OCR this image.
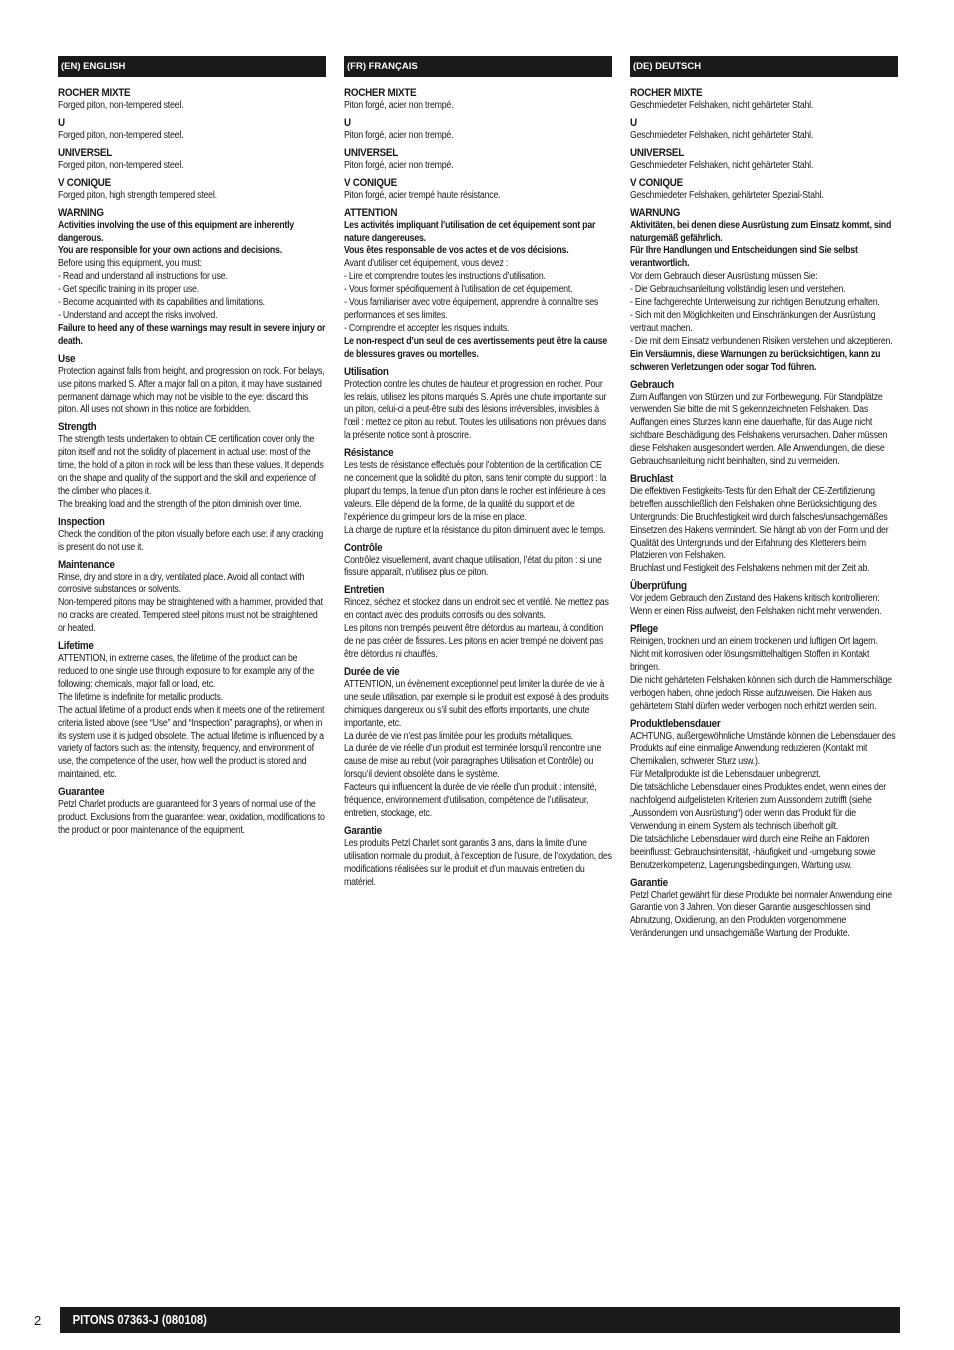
(EN) ENGLISH
ROCHER MIXTE

Forged piton, non-tempered steel.

U

Forged piton, non-tempered steel.

UNIVERSEL

Forged piton, non-tempered steel.

V CONIQUE

Forged piton, high strength tempered steel.

WARNING

Activities involving the use of this equipment are inherently dangerous.

You are responsible for your own actions and decisions.

Before using this equipment, you must:

- Read and understand all instructions for use.

- Get specific training in its proper use.

- Become acquainted with its capabilities and limitations.

- Understand and accept the risks involved.

Failure to heed any of these warnings may result in severe injury or death.

Use

Protection against falls from height, and progression on rock. For belays, use pitons marked S. After a major fall on a piton, it may have sustained permanent damage which may not be visible to the eye: discard this piton. All uses not shown in this notice are forbidden.

Strength

The strength tests undertaken to obtain CE certification cover only the piton itself and not the solidity of placement in actual use: most of the time, the hold of a piton in rock will be less than these values. It depends on the shape and quality of the support and the skill and experience of the climber who places it.

The breaking load and the strength of the piton diminish over time.

Inspection

Check the condition of the piton visually before each use: if any cracking is present do not use it.

Maintenance

Rinse, dry and store in a dry, ventilated place. Avoid all contact with corrosive substances or solvents.

Non-tempered pitons may be straightened with a hammer, provided that no cracks are created. Tempered steel pitons must not be straightened or heated.

Lifetime

ATTENTION, in extreme cases, the lifetime of the product can be reduced to one single use through exposure to for example any of the following: chemicals, major fall or load, etc.

The lifetime is indefinite for metallic products.

The actual lifetime of a product ends when it meets one of the retirement criteria listed above (see “Use” and “Inspection” paragraphs), or when in its system use it is judged obsolete. The actual lifetime is influenced by a variety of factors such as: the intensity, frequency, and environment of use, the competence of the user, how well the product is stored and maintained, etc.

Guarantee

Petzl Charlet products are guaranteed for 3 years of normal use of the product. Exclusions from the guarantee: wear, oxidation, modifications to the product or poor maintenance of the equipment.

(FR) FRANÇAIS
ROCHER MIXTE

Piton forgé, acier non trempé.

U

Piton forgé, acier non trempé.

UNIVERSEL

Piton forgé, acier non trempé.

V CONIQUE

Piton forgé, acier trempé haute résistance.

ATTENTION

Les activités impliquant l’utilisation de cet équipement sont par nature dangereuses.

Vous êtes responsable de vos actes et de vos décisions.

Avant d’utiliser cet équipement, vous devez :

- Lire et comprendre toutes les instructions d’utilisation.

- Vous former spécifiquement à l’utilisation de cet équipement.

- Vous familiariser avec votre équipement, apprendre à connaître ses performances et ses limites.

- Comprendre et accepter les risques induits.

Le non-respect d’un seul de ces avertissements peut être la cause de blessures graves ou mortelles.

Utilisation

Protection contre les chutes de hauteur et progression en rocher. Pour les relais, utilisez les pitons marqués S. Après une chute importante sur un piton, celui-ci a peut-être subi des lésions irréversibles, invisibles à l’œil : mettez ce piton au rebut. Toutes les utilisations non prévues dans la présente notice sont à proscrire.

Résistance

Les tests de résistance effectués pour l’obtention de la certification CE ne concernent que la solidité du piton, sans tenir compte du support : la plupart du temps, la tenue d’un piton dans le rocher est inférieure à ces valeurs. Elle dépend de la forme, de la qualité du support et de l’expérience du grimpeur lors de la mise en place.

La charge de rupture et la résistance du piton diminuent avec le temps.

Contrôle

Contrôlez visuellement, avant chaque utilisation, l’état du piton : si une fissure apparaît, n’utilisez plus ce piton.

Entretien

Rincez, séchez et stockez dans un endroit sec et ventilé. Ne mettez pas en contact avec des produits corrosifs ou des solvants.

Les pitons non trempés peuvent être détordus au marteau, à condition de ne pas créer de fissures. Les pitons en acier trempé ne doivent pas être détordus ni chauffés.

Durée de vie

ATTENTION, un évènement exceptionnel peut limiter la durée de vie à une seule utilisation, par exemple si le produit est exposé à des produits chimiques dangereux ou s’il subit des efforts importants, une chute importante, etc.

La durée de vie n’est pas limitée pour les produits métalliques.

La durée de vie réelle d’un produit est terminée lorsqu’il rencontre une cause de mise au rebut (voir paragraphes Utilisation et Contrôle) ou lorsqu’il devient obsolète dans le système.

Facteurs qui influencent la durée de vie réelle d’un produit : intensité, fréquence, environnement d’utilisation, compétence de l’utilisateur, entretien, stockage, etc.

Garantie

Les produits Petzl Charlet sont garantis 3 ans, dans la limite d’une utilisation normale du produit, à l’exception de l’usure, de l’oxydation, des modifications réalisées sur le produit et d’un mauvais entretien du matériel.

(DE) DEUTSCH
ROCHER MIXTE

Geschmiedeter Felshaken, nicht gehärteter Stahl.

U

Geschmiedeter Felshaken, nicht gehärteter Stahl.

UNIVERSEL

Geschmiedeter Felshaken, nicht gehärteter Stahl.

V CONIQUE

Geschmiedeter Felshaken, gehärteter Spezial-Stahl.

WARNUNG

Aktivitäten, bei denen diese Ausrüstung zum Einsatz kommt, sind naturgemäß gefährlich.

Für Ihre Handlungen und Entscheidungen sind Sie selbst verantwortlich.

Vor dem Gebrauch dieser Ausrüstung müssen Sie:

- Die Gebrauchsanleitung vollständig lesen und verstehen.

- Eine fachgerechte Unterweisung zur richtigen Benutzung erhalten.

- Sich mit den Möglichkeiten und Einschränkungen der Ausrüstung vertraut machen.

- Die mit dem Einsatz verbundenen Risiken verstehen und akzeptieren.

Ein Versäumnis, diese Warnungen zu berücksichtigen, kann zu schweren Verletzungen oder sogar Tod führen.

Gebrauch

Zum Auffangen von Stürzen und zur Fortbewegung. Für Standplätze verwenden Sie bitte die mit S gekennzeichneten Felshaken. Das Auffangen eines Sturzes kann eine dauerhafte, für das Auge nicht sichtbare Beschädigung des Felshakens verursachen. Daher müssen diese Felshaken ausgesondert werden. Alle Anwendungen, die diese Gebrauchsanleitung nicht beinhalten, sind zu vermeiden.

Bruchlast

Die effektiven Festigkeits-Tests für den Erhalt der CE-Zertifizierung betreffen ausschließlich den Felshaken ohne Berücksichtigung des Untergrunds: Die Bruchfestigkeit wird durch falsches/unsachgemäßes Einsetzen des Hakens vermindert. Sie hängt ab von der Form und der Qualität des Untergrunds und der Erfahrung des Kletterers beim Platzieren von Felshaken.

Bruchlast und Festigkeit des Felshakens nehmen mit der Zeit ab.

Überprüfung

Vor jedem Gebrauch den Zustand des Hakens kritisch kontrollieren: Wenn er einen Riss aufweist, den Felshaken nicht mehr verwenden.

Pflege

Reinigen, trocknen und an einem trockenen und luftigen Ort lagern. Nicht mit korrosiven oder lösungsmittelhaltigen Stoffen in Kontakt bringen.

Die nicht gehärteten Felshaken können sich durch die Hammerschläge verbogen haben, ohne jedoch Risse aufzuweisen. Die Haken aus gehärtetem Stahl dürfen weder verbogen noch erhitzt werden sein.

Produktlebensdauer

ACHTUNG, außergewöhnliche Umstände können die Lebensdauer des Produkts auf eine einmalige Anwendung reduzieren (Kontakt mit Chemikalien, schwerer Sturz usw.).

Für Metallprodukte ist die Lebensdauer unbegrenzt.

Die tatsächliche Lebensdauer eines Produktes endet, wenn eines der nachfolgend aufgelisteten Kriterien zum Aussondern zutrifft (siehe „Aussondern von Ausrüstung“) oder wenn das Produkt für die Verwendung in einem System als technisch überholt gilt.

Die tatsächliche Lebensdauer wird durch eine Reihe an Faktoren beeinflusst: Gebrauchsintensität, -häufigkeit und -umgebung sowie Benutzerkompetenz, Lagerungsbedingungen, Wartung usw.

Garantie

Petzl Charlet gewährt für diese Produkte bei normaler Anwendung eine Garantie von 3 Jahren. Von dieser Garantie ausgeschlossen sind Abnutzung, Oxidierung, an den Produkten vorgenommene Veränderungen und unsachgemäße Wartung der Produkte.

2	PITONS 07363-J (080108)
